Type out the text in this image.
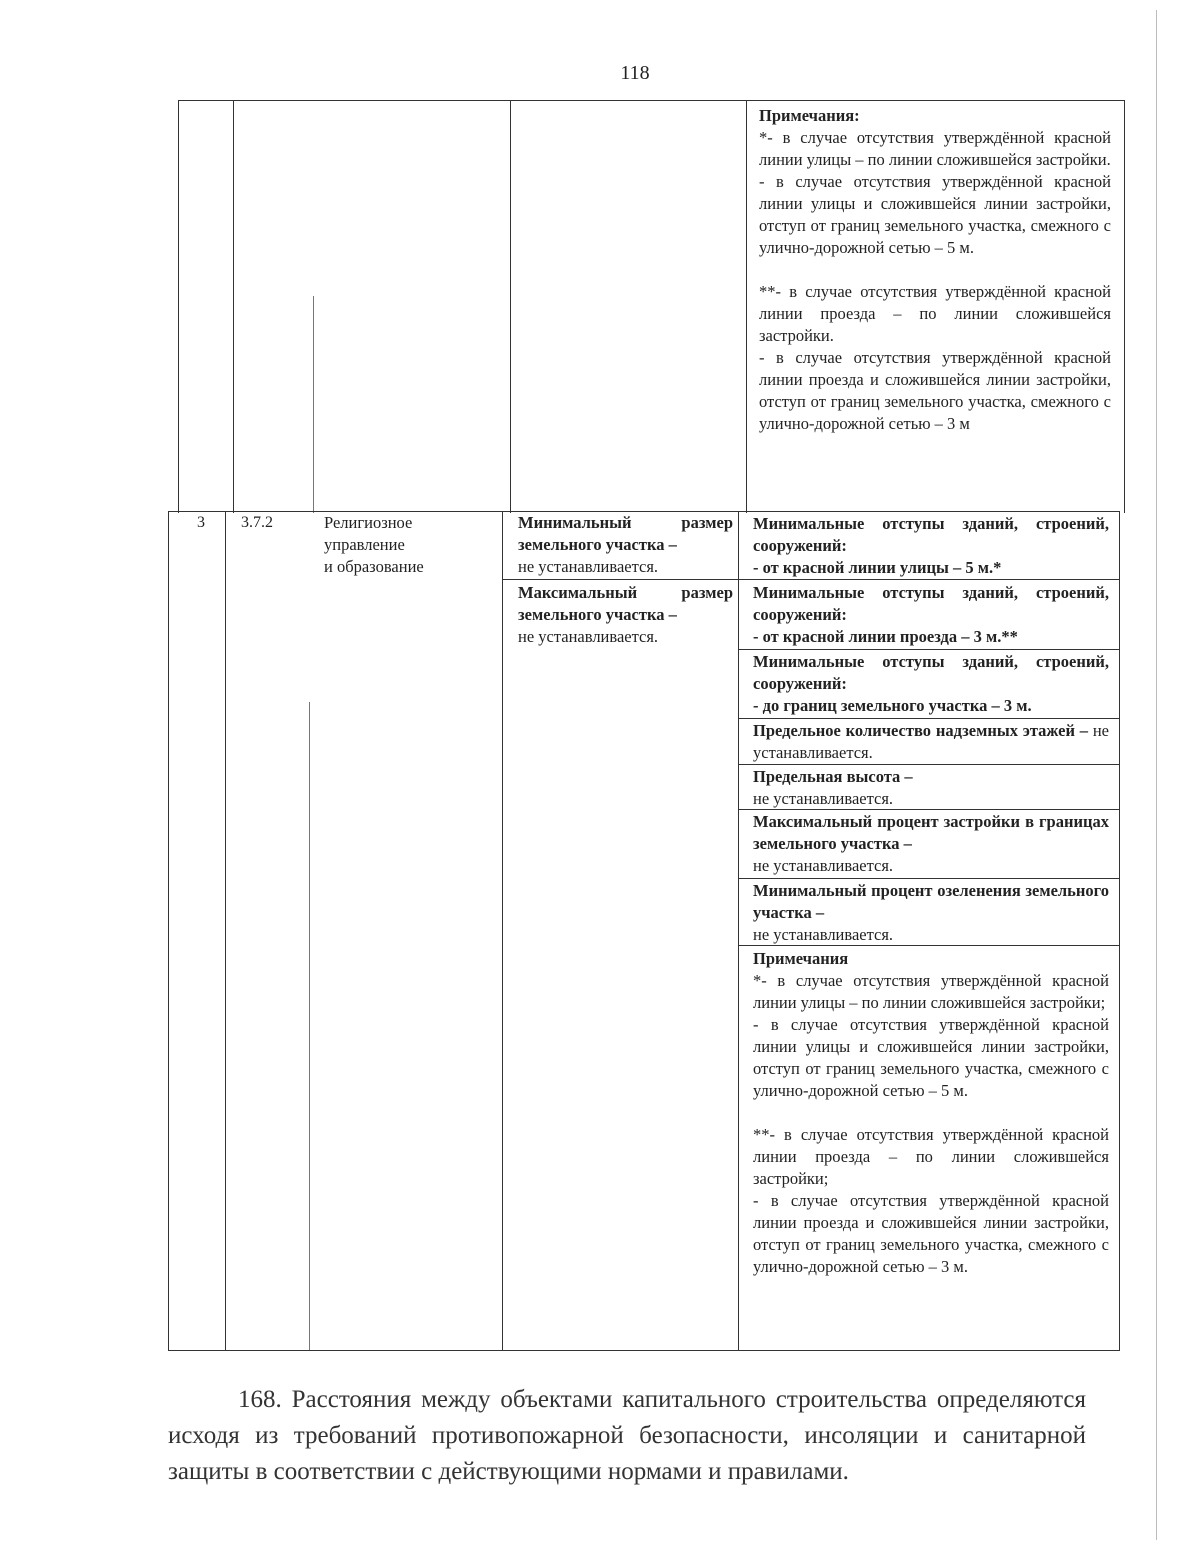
118
Примечания:
*- в случае отсутствия утверждённой красной линии улицы – по линии сложившейся застройки.
- в случае отсутствия утверждённой красной линии улицы и сложившейся линии застройки, отступ от границ земельного участка, смежного с улично-дорожной сетью – 5 м.
**- в случае отсутствия утверждённой красной линии проезда – по линии сложившейся застройки.
- в случае отсутствия утверждённой красной линии проезда и сложившейся линии застройки, отступ от границ земельного участка, смежного с улично-дорожной сетью – 3 м
3 3.7.2	Религиозное
управление
и образование
Минимальный размер земельного участка –
не устанавливается.
Максимальный размер земельного участка –
не устанавливается.
Минимальные отступы зданий, строений, сооружений:
- от красной линии улицы – 5 м.*
Минимальные отступы зданий, строений, сооружений:
- от красной линии проезда – 3 м.**
Минимальные отступы зданий, строений, сооружений:
- до границ земельного участка – 3 м.
Предельное количество надземных этажей – не устанавливается.
Предельная высота –
не устанавливается.
Максимальный процент застройки в границах земельного участка –
не устанавливается.
Минимальный процент озеленения земельного участка –
не устанавливается.
Примечания
*- в случае отсутствия утверждённой красной линии улицы – по линии сложившейся застройки;
- в случае отсутствия утверждённой красной линии улицы и сложившейся линии застройки, отступ от границ земельного участка, смежного с улично-дорожной сетью – 5 м.
**- в случае отсутствия утверждённой красной линии проезда – по линии сложившейся застройки;
- в случае отсутствия утверждённой красной линии проезда и сложившейся линии застройки, отступ от границ земельного участка, смежного с улично-дорожной сетью – 3 м.
168. Расстояния между объектами капитального строительства определяются исходя из требований противопожарной безопасности, инсоляции и санитарной защиты в соответствии с действующими нормами и правилами.
